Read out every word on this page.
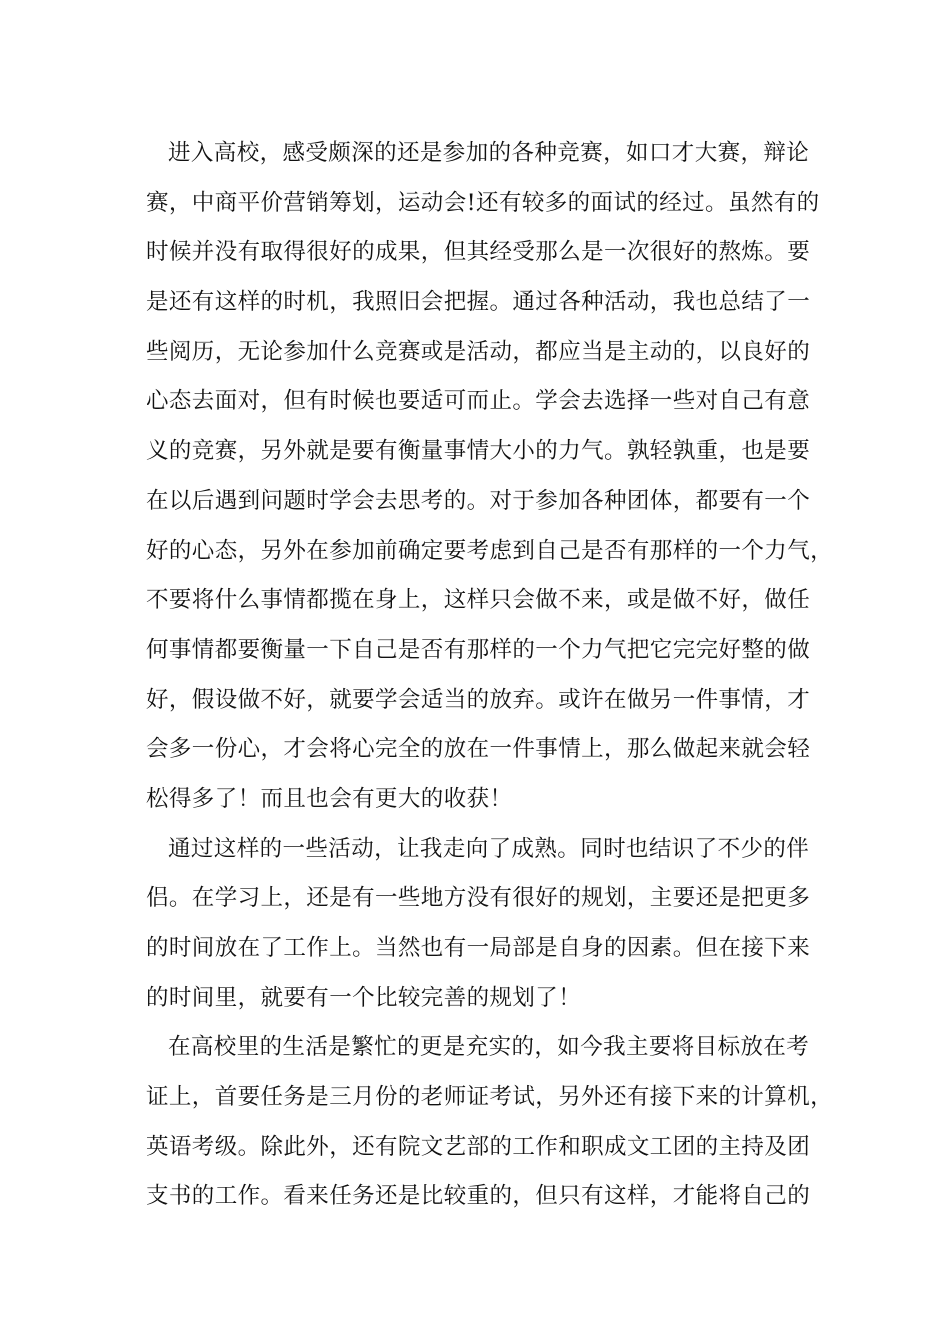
进入高校，感受颇深的还是参加的各种竞赛，如口才大赛，辩论
赛，中商平价营销筹划，运动会!还有较多的面试的经过。虽然有的
时候并没有取得很好的成果，但其经受那么是一次很好的熬炼。要
是还有这样的时机，我照旧会把握。通过各种活动，我也总结了一
些阅历，无论参加什么竞赛或是活动，都应当是主动的，以良好的
心态去面对，但有时候也要适可而止。学会去选择一些对自己有意
义的竞赛，另外就是要有衡量事情大小的力气。孰轻孰重，也是要
在以后遇到问题时学会去思考的。对于参加各种团体，都要有一个
好的心态，另外在参加前确定要考虑到自己是否有那样的一个力气，
不要将什么事情都揽在身上，这样只会做不来，或是做不好，做任
何事情都要衡量一下自己是否有那样的一个力气把它完完好整的做
好，假设做不好，就要学会适当的放弃。或许在做另一件事情，才
会多一份心，才会将心完全的放在一件事情上，那么做起来就会轻
松得多了！而且也会有更大的收获！
通过这样的一些活动，让我走向了成熟。同时也结识了不少的伴
侣。在学习上，还是有一些地方没有很好的规划，主要还是把更多
的时间放在了工作上。当然也有一局部是自身的因素。但在接下来
的时间里，就要有一个比较完善的规划了！
在高校里的生活是繁忙的更是充实的，如今我主要将目标放在考
证上，首要任务是三月份的老师证考试，另外还有接下来的计算机，
英语考级。除此外，还有院文艺部的工作和职成文工团的主持及团
支书的工作。看来任务还是比较重的，但只有这样，才能将自己的
